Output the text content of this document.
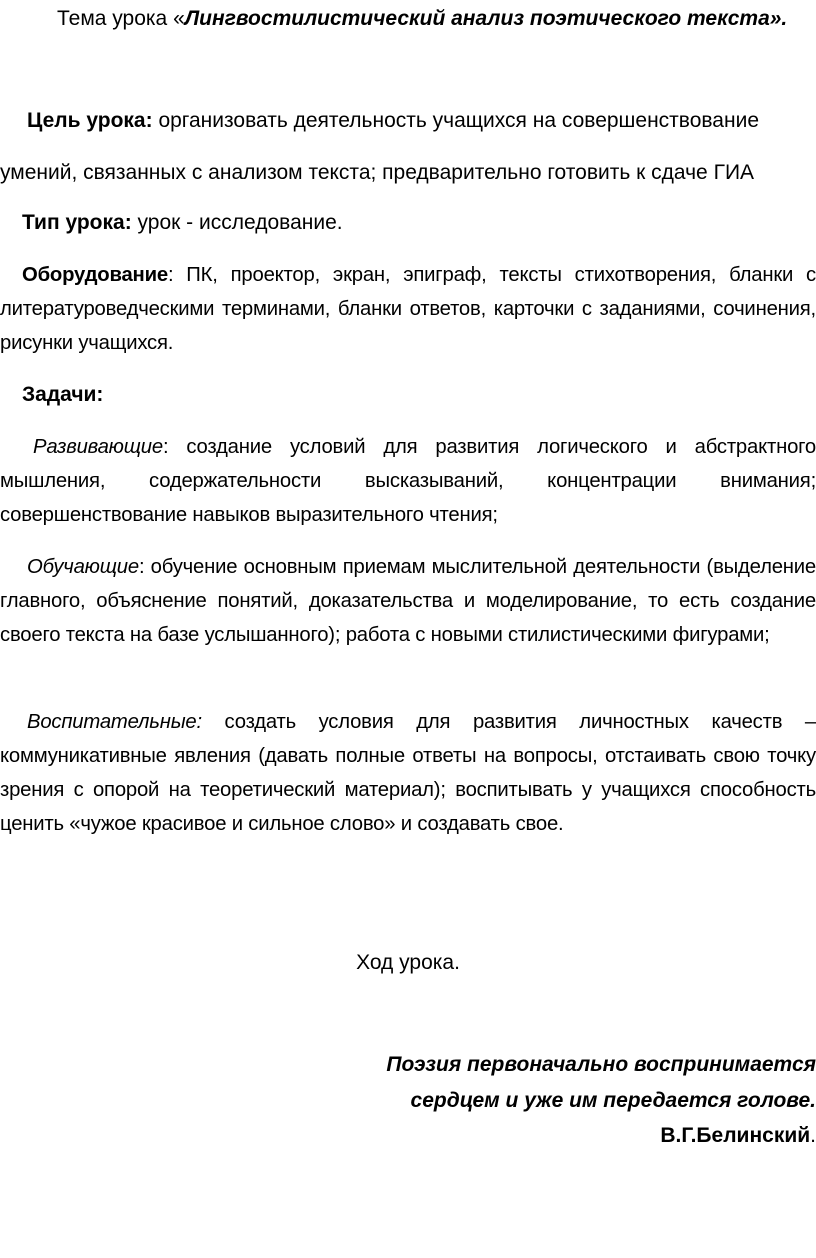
Тема урока «Лингвостилистический анализ поэтического текста».
Цель урока: организовать деятельность учащихся на совершенствование
умений, связанных с анализом текста; предварительно готовить к сдаче ГИА
Тип урока: урок - исследование.
Оборудование: ПК, проектор, экран, эпиграф, тексты стихотворения, бланки с литературоведческими терминами, бланки ответов, карточки с заданиями, сочинения, рисунки учащихся.
Задачи:
Развивающие: создание условий для развития логического и абстрактного мышления, содержательности высказываний, концентрации внимания; совершенствование навыков выразительного чтения;
Обучающие: обучение основным приемам мыслительной деятельности (выделение главного, объяснение понятий, доказательства и моделирование, то есть создание своего текста на базе услышанного); работа с новыми стилистическими фигурами;
Воспитательные: создать условия для развития личностных качеств – коммуникативные явления (давать полные ответы на вопросы, отстаивать свою точку зрения с опорой на теоретический материал); воспитывать у учащихся способность ценить «чужое красивое и сильное слово» и создавать свое.
Ход урока.
Поэзия первоначально воспринимается
сердцем и уже им передается голове.
В.Г.Белинский.
